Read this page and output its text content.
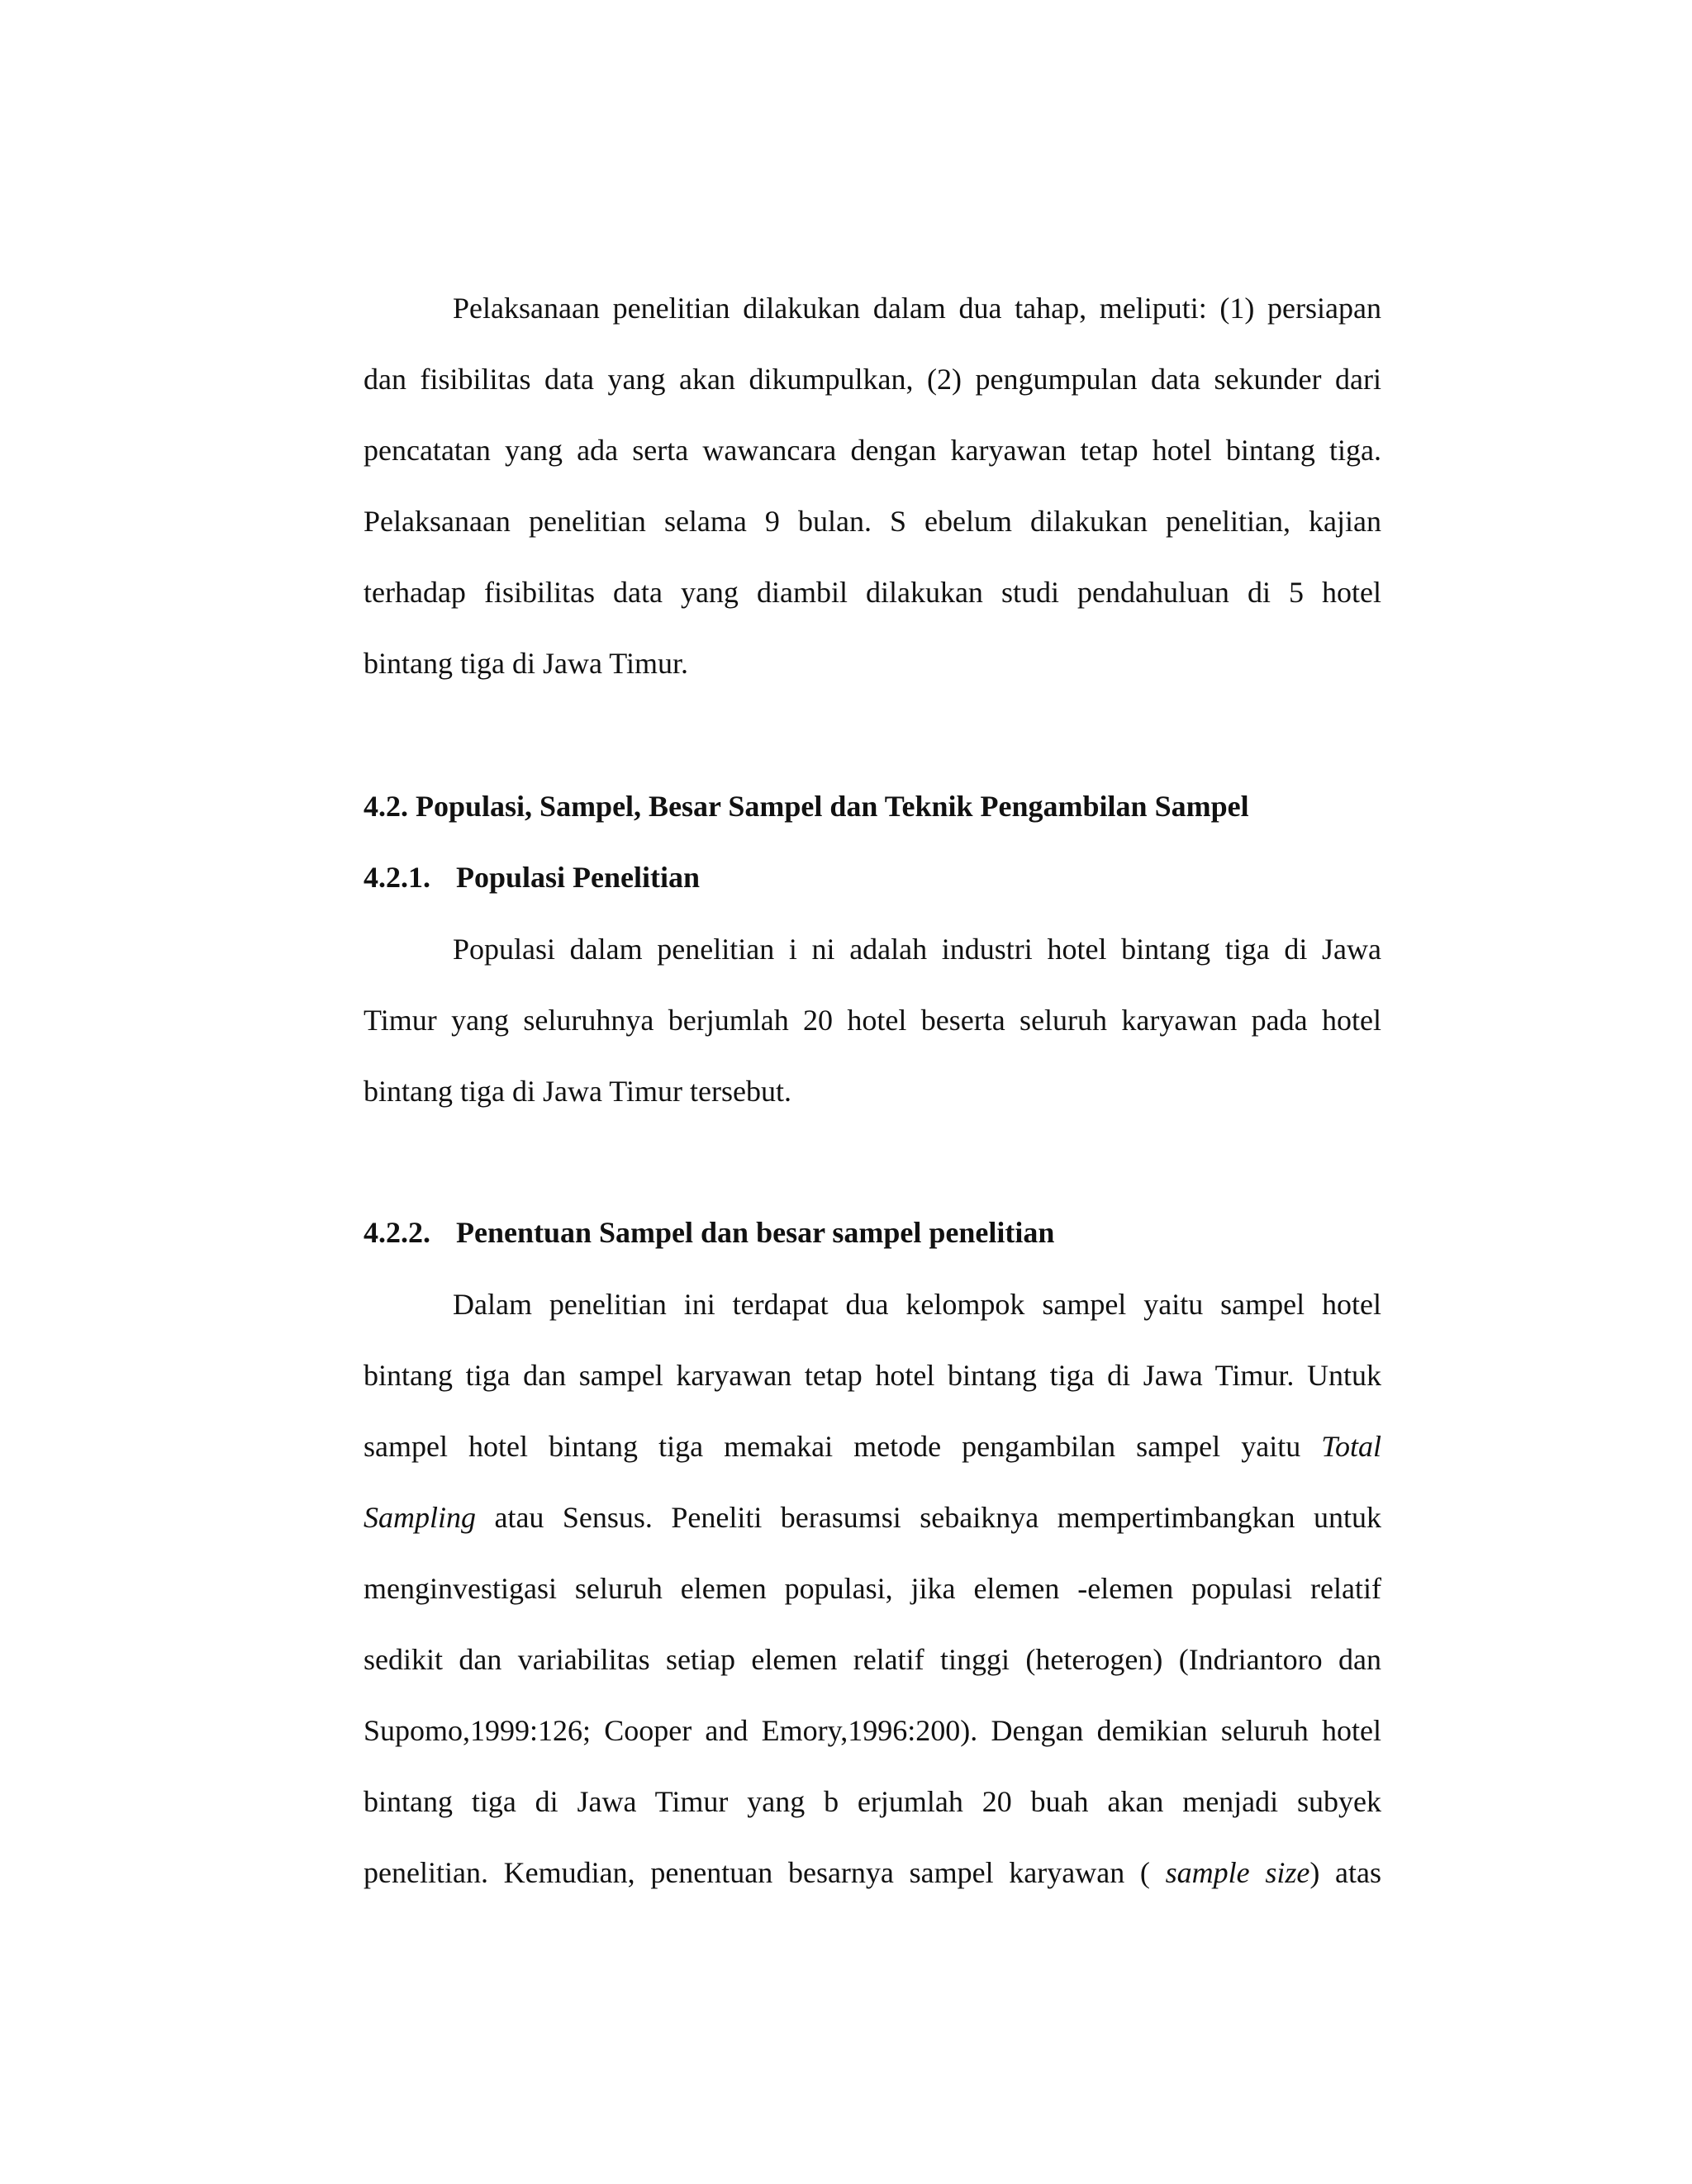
Pelaksanaan penelitian dilakukan dalam dua tahap, meliputi: (1) persiapan
dan fisibilitas data yang akan dikumpulkan, (2) pengumpulan data sekunder dari
pencatatan yang ada serta wawancara dengan karyawan tetap hotel bintang tiga.
Pelaksanaan penelitian selama 9 bulan. S ebelum dilakukan penelitian, kajian
terhadap fisibilitas data yang diambil dilakukan studi pendahuluan di 5 hotel
bintang tiga di Jawa Timur.
4.2. Populasi, Sampel, Besar Sampel dan Teknik Pengambilan Sampel
4.2.1. Populasi Penelitian
Populasi dalam penelitian i ni adalah industri hotel bintang tiga di Jawa
Timur yang seluruhnya berjumlah 20 hotel beserta seluruh karyawan pada hotel
bintang tiga di Jawa Timur tersebut.
4.2.2. Penentuan Sampel dan besar sampel penelitian
Dalam penelitian ini terdapat dua kelompok sampel yaitu sampel hotel
bintang tiga dan sampel karyawan tetap hotel bintang tiga di Jawa Timur. Untuk
sampel hotel bintang tiga memakai metode pengambilan sampel yaitu Total
Sampling atau Sensus. Peneliti berasumsi sebaiknya mempertimbangkan untuk
menginvestigasi seluruh elemen populasi, jika elemen -elemen populasi relatif
sedikit dan variabilitas setiap elemen relatif tinggi (heterogen) (Indriantoro dan
Supomo,1999:126; Cooper and Emory,1996:200). Dengan demikian seluruh hotel
bintang tiga di Jawa Timur yang b erjumlah 20 buah akan menjadi subyek
penelitian. Kemudian, penentuan besarnya sampel karyawan ( sample size) atas
